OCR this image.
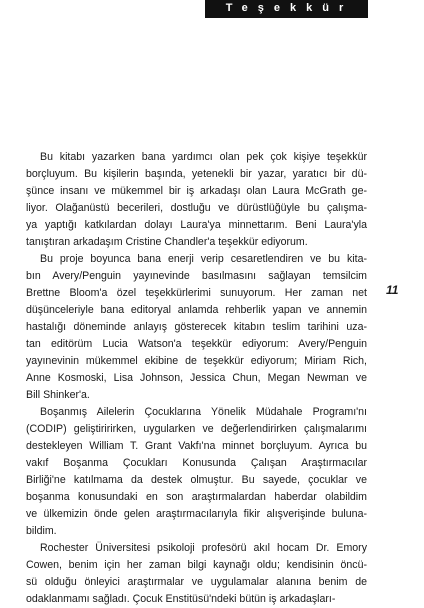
Teşekkür
11

Bu kitabı yazarken bana yardımcı olan pek çok kişiye teşekkür
borçluyum. Bu kişilerin başında, yetenekli bir yazar, yaratıcı bir dü-
şünce insanı ve mükemmel bir iş arkadaşı olan Laura McGrath ge-
liyor. Olağanüstü becerileri, dostluğu ve dürüstlüğüyle bu çalışma-
ya yaptığı katkılardan dolayı Laura'ya minnettarım. Beni Laura'yla
tanıştıran arkadaşım Cristine Chandler'a teşekkür ediyorum.

Bu proje boyunca bana enerji verip cesaretlendiren ve bu kita-
bın Avery/Penguin yayınevinde basılmasını sağlayan temsilcim
Brettne Bloom'a özel teşekkürlerimi sunuyorum. Her zaman net
düşünceleriyle bana editoryal anlamda rehberlik yapan ve annemin
hastalığı döneminde anlayış gösterecek kitabın teslim tarihini uza-
tan editörüm Lucia Watson'a teşekkür ediyorum: Avery/Penguin
yayınevinin mükemmel ekibine de teşekkür ediyorum; Miriam Rich,
Anne Kosmoski, Lisa Johnson, Jessica Chun, Megan Newman ve
Bill Shinker'a.

Boşanmış Ailelerin Çocuklarına Yönelik Müdahale Programı'nı
(CODIP) geliştiririrken, uygularken ve değerlendirirken çalışmalarımı
destekleyen William T. Grant Vakfı'na minnet borçluyum. Ayrıca bu
vakıf Boşanma Çocukları Konusunda Çalışan Araştırmacılar
Birliği'ne katılmama da destek olmuştur. Bu sayede, çocuklar ve
boşanma konusundaki en son araştırmalardan haberdar olabildim
ve ülkemizin önde gelen araştırmacılarıyla fikir alışverişinde buluna-
bildim.

Rochester Üniversitesi psikoloji profesörü akıl hocam Dr. Emory
Cowen, benim için her zaman bilgi kaynağı oldu; kendisinin öncü-
sü olduğu önleyici araştırmalar ve uygulamalar alanına benim de
odaklanmamı sağladı. Çocuk Enstitüsü'ndeki bütün iş arkadaşları-
